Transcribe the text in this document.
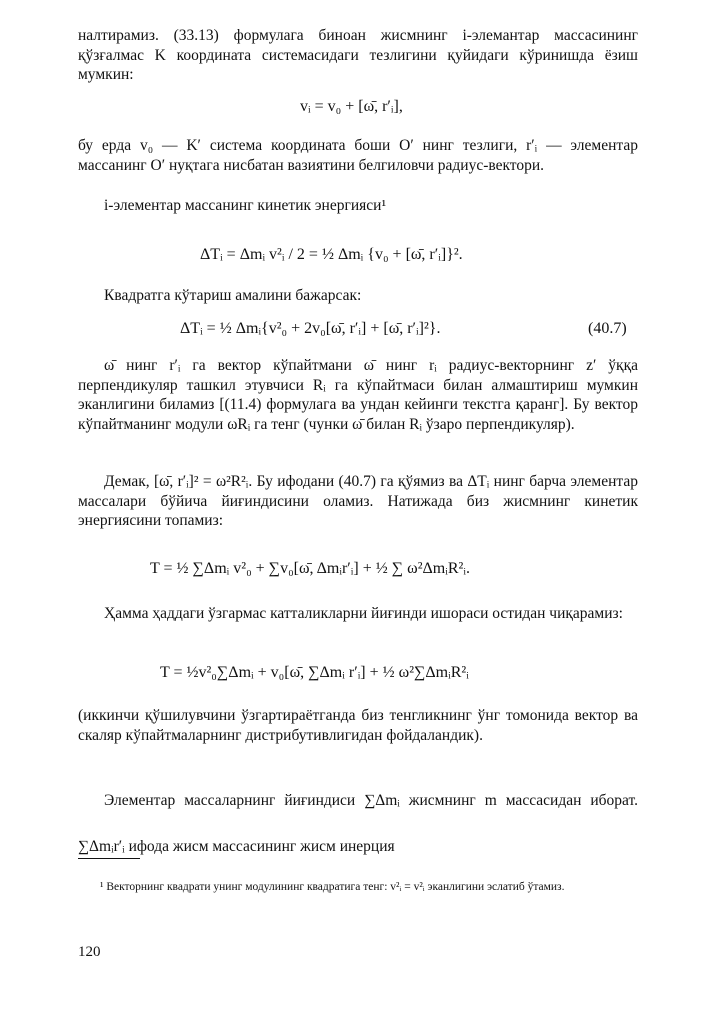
налтирамиз. (33.13) формулага биноан жисмнинг i-элемантар массасининг қўзғалмас K координата системасидаги тезлигини қуйидаги кўринишда ёзиш мумкин:

vᵢ = v₀ + [ω̄, r′ᵢ],

бу ерда v₀ — K′ система координата боши O′ нинг тезлиги, r′ᵢ — элементар массанинг O′ нуқтага нисбатан вазиятини белгиловчи радиус-вектори.

i-элементар массанинг кинетик энергияси¹

ΔTᵢ = Δmᵢ v²ᵢ / 2 = ½ Δmᵢ {v₀ + [ω̄, r′ᵢ]}².

Квадратга кўтариш амалини бажарсак:

ΔTᵢ = ½ Δmᵢ{v²₀ + 2v₀[ω̄, r′ᵢ] + [ω̄, r′ᵢ]²}.	(40.7)

ω̄ нинг r′ᵢ га вектор кўпайтмани ω̄ нинг rᵢ радиус-векторнинг z′ ўққа перпендикуляр ташкил этувчиси Rᵢ га кўпайтмаси билан алмаштириш мумкин эканлигини биламиз [(11.4) формулага ва ундан кейинги текстга қаранг]. Бу вектор кўпайтманинг модули ωRᵢ га тенг (чунки ω̄ билан Rᵢ ўзаро перпендикуляр).

Демак, [ω̄, r′ᵢ]² = ω²R²ᵢ. Бу ифодани (40.7) га қўямиз ва ΔTᵢ нинг барча элементар массалари бўйича йиғиндисини оламиз. Натижада биз жисмнинг кинетик энергиясини топамиз:

T = ½ ∑Δmᵢ v²₀ + ∑v₀[ω̄, Δmᵢr′ᵢ] + ½ ∑ ω²ΔmᵢR²ᵢ.

Ҳамма ҳаддаги ўзгармас катталикларни йиғинди ишораси остидан чиқарамиз:

T = ½v²₀∑Δmᵢ + v₀[ω̄, ∑Δmᵢ r′ᵢ] + ½ ω²∑ΔmᵢR²ᵢ

(иккинчи қўшилувчини ўзгартираётганда биз тенгликнинг ўнг томонида вектор ва скаляр кўпайтмаларнинг дистрибутивлигидан фойдаландик).

Элементар массаларнинг йиғиндиси ∑Δmᵢ жисмнинг m массасидан иборат. ∑Δmᵢr′ᵢ ифода жисм массасининг жисм инерция

¹ Векторнинг квадрати унинг модулининг квадратига тенг: v²ᵢ = v²ᵢ эканлигини эслатиб ўтамиз.

120
